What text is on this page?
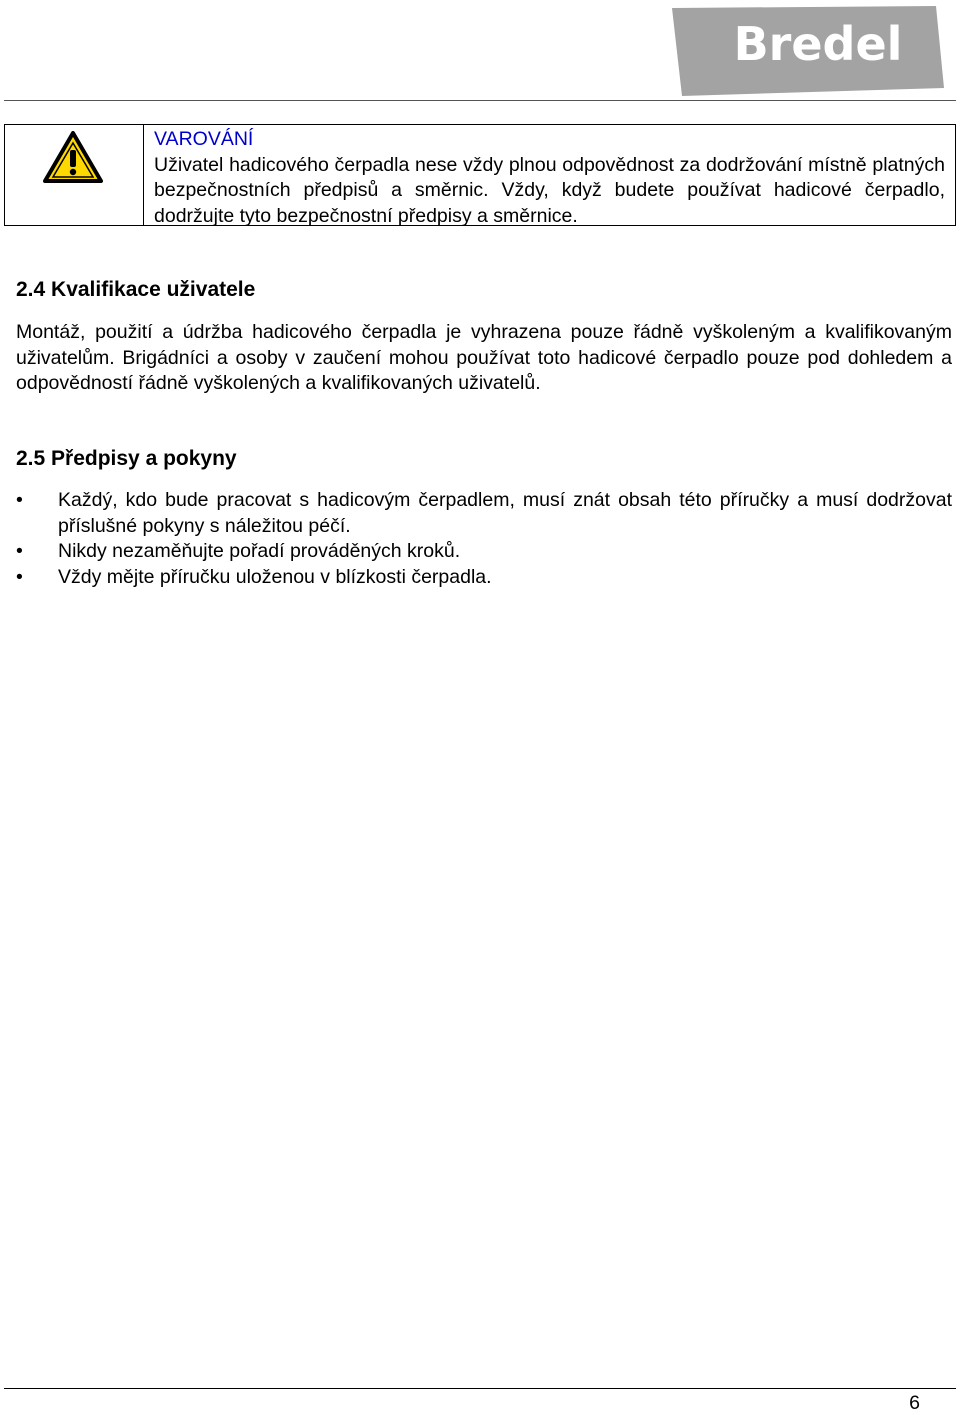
Bredel
VAROVÁNÍ
Uživatel hadicového čerpadla nese vždy plnou odpovědnost za dodržování místně platných bezpečnostních předpisů a směrnic. Vždy, když budete používat hadicové čerpadlo, dodržujte tyto bezpečnostní předpisy a směrnice.
2.4 Kvalifikace uživatele

Montáž, použití a údržba hadicového čerpadla je vyhrazena pouze řádně vyškoleným a kvalifikovaným uživatelům. Brigádníci a osoby v zaučení mohou používat toto hadicové čerpadlo pouze pod dohledem a odpovědností řádně vyškolených a kvalifikovaných uživatelů.

2.5 Předpisy a pokyny
• Každý, kdo bude pracovat s hadicovým čerpadlem, musí znát obsah této příručky a musí dodržovat příslušné pokyny s náležitou péčí.
• Nikdy nezaměňujte pořadí prováděných kroků.
• Vždy mějte příručku uloženou v blízkosti čerpadla.
6
